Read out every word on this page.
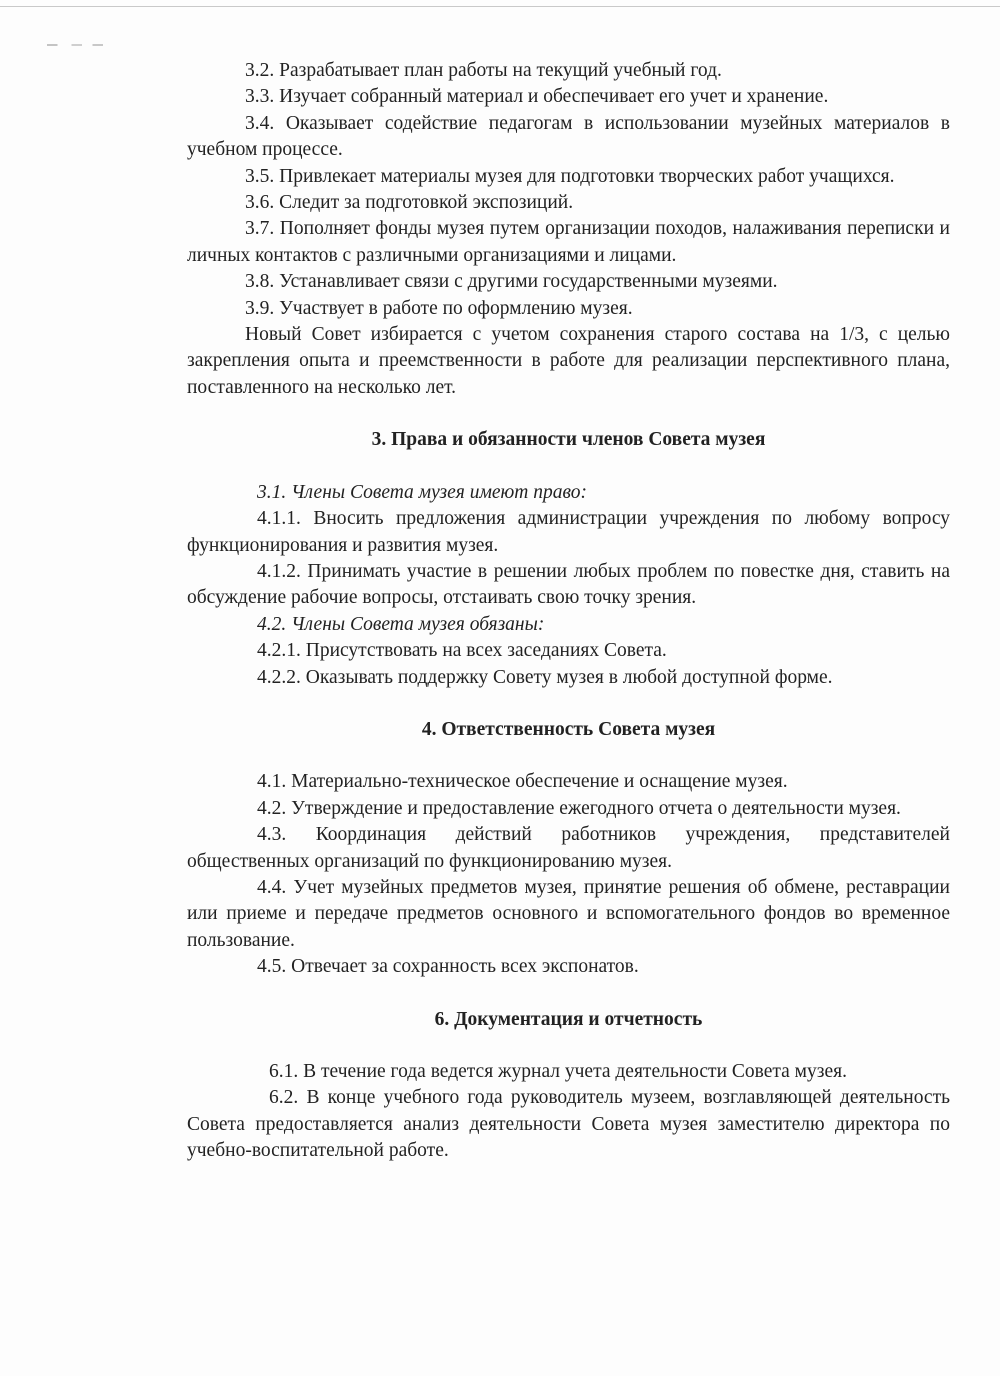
3.2. Разрабатывает план работы на текущий учебный год.

3.3. Изучает собранный материал и обеспечивает его учет и хранение.

3.4. Оказывает содействие педагогам в использовании музейных материалов в учебном процессе.

3.5. Привлекает материалы музея для подготовки творческих работ учащихся.

3.6. Следит за подготовкой экспозиций.

3.7. Пополняет фонды музея путем организации походов, налаживания переписки и личных контактов с различными организациями и лицами.

3.8. Устанавливает связи с другими государственными музеями.

3.9. Участвует в работе по оформлению музея.

Новый Совет избирается с учетом сохранения старого состава на 1/3, с целью закрепления опыта и преемственности в работе для реализации перспективного плана, поставленного на несколько лет.

3. Права и обязанности членов Совета музея

3.1. Члены Совета музея имеют право:

4.1.1. Вносить предложения администрации учреждения по любому вопросу функционирования и развития музея.

4.1.2. Принимать участие в решении любых проблем по повестке дня, ставить на обсуждение рабочие вопросы, отстаивать свою точку зрения.

4.2. Члены Совета музея обязаны:

4.2.1. Присутствовать на всех заседаниях Совета.

4.2.2. Оказывать поддержку Совету музея в любой доступной форме.

4. Ответственность Совета музея

4.1. Материально-техническое обеспечение и оснащение музея.

4.2. Утверждение и предоставление ежегодного отчета о деятельности музея.

4.3. Координация действий работников учреждения, представителей общественных организаций по функционированию музея.

4.4. Учет музейных предметов музея, принятие решения об обмене, реставрации или приеме и передаче предметов основного и вспомогательного фондов во временное пользование.

4.5. Отвечает за сохранность всех экспонатов.

6. Документация и отчетность

6.1. В течение года ведется журнал учета деятельности Совета музея.

6.2. В конце учебного года руководитель музеем, возглавляющей деятельность Совета предоставляется анализ деятельности Совета музея заместителю директора по учебно-воспитательной работе.
